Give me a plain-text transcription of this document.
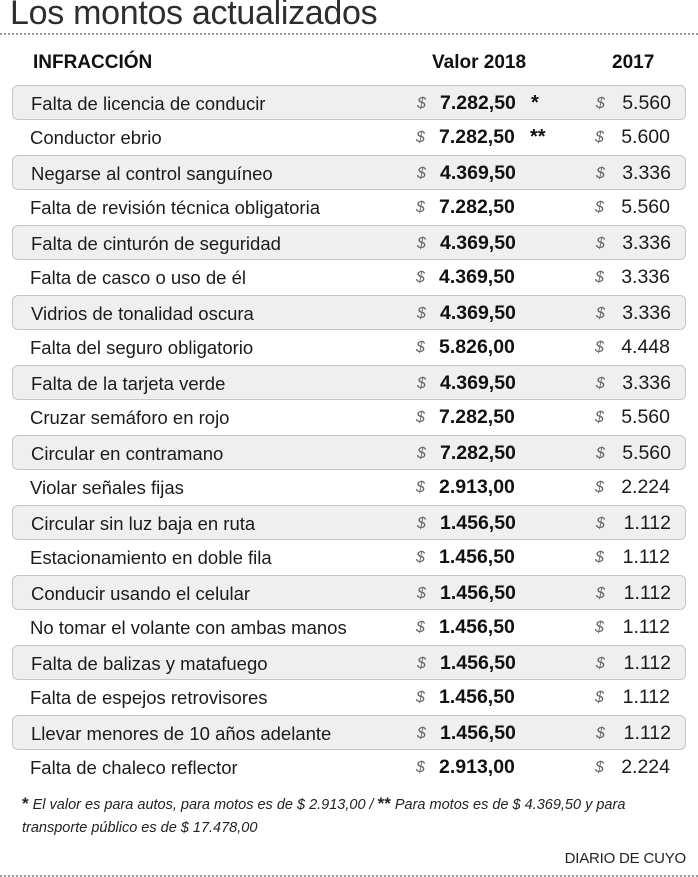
Los montos actualizados
INFRACCIÓN	Valor 2018	2017
Falta de licencia de conducir	$ 7.282,50 *	$ 5.560
Conductor ebrio	$ 7.282,50 **	$ 5.600
Negarse al control sanguíneo	$ 4.369,50	$ 3.336
Falta de revisión técnica obligatoria	$ 7.282,50	$ 5.560
Falta de cinturón de seguridad	$ 4.369,50	$ 3.336
Falta de casco o uso de él	$ 4.369,50	$ 3.336
Vidrios de tonalidad oscura	$ 4.369,50	$ 3.336
Falta del seguro obligatorio	$ 5.826,00	$ 4.448
Falta de la tarjeta verde	$ 4.369,50	$ 3.336
Cruzar semáforo en rojo	$ 7.282,50	$ 5.560
Circular en contramano	$ 7.282,50	$ 5.560
Violar señales fijas	$ 2.913,00	$ 2.224
Circular sin luz baja en ruta	$ 1.456,50	$ 1.112
Estacionamiento en doble fila	$ 1.456,50	$ 1.112
Conducir usando el celular	$ 1.456,50	$ 1.112
No tomar el volante con ambas manos	$ 1.456,50	$ 1.112
Falta de balizas y matafuego	$ 1.456,50	$ 1.112
Falta de espejos retrovisores	$ 1.456,50	$ 1.112
Llevar menores de 10 años adelante	$ 1.456,50	$ 1.112
Falta de chaleco reflector	$ 2.913,00	$ 2.224
* El valor es para autos, para motos es de $ 2.913,00 / ** Para motos es de $ 4.369,50 y para transporte público es de $ 17.478,00
DIARIO DE CUYO
